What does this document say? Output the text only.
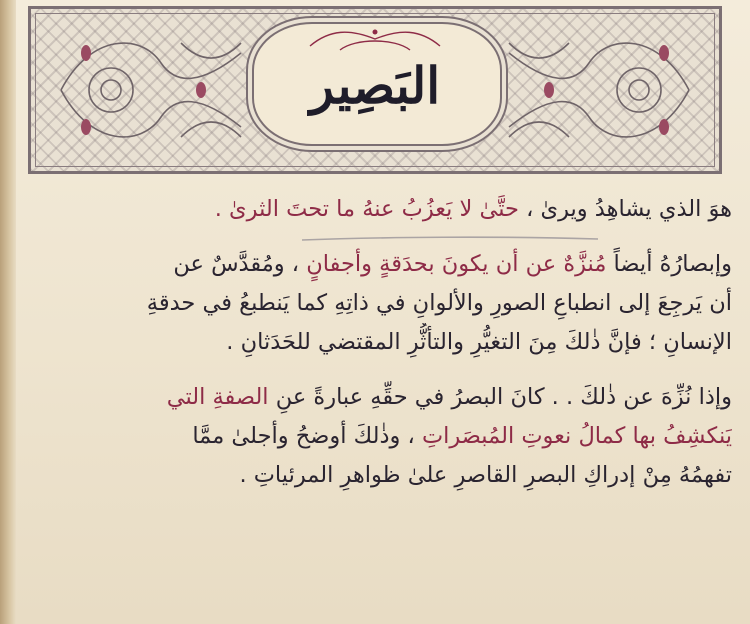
البَصِير
هوَ الذي يشاهِدُ ويرىٰ ، حتَّىٰ لا يَعزُبُ عنهُ ما تحتَ الثرىٰ .
وإبصارُهُ أيضاً مُنزَّهٌ عن أن يكونَ بحدَقةٍ وأجفانٍ ، ومُقدَّسٌ عن
أن يَرجِعَ إلى انطباعِ الصورِ والألوانِ في ذاتِهِ كما يَنطبعُ في حدقةِ
الإنسانِ ؛ فإنَّ ذٰلكَ مِنَ التغيُّرِ والتأثُّرِ المقتضي للحَدَثانِ .
وإذا نُزِّهَ عن ذٰلكَ . . كانَ البصرُ في حقِّهِ عبارةً عنِ الصفةِ التي
يَنكشِفُ بها كمالُ نعوتِ المُبصَراتِ ، وذٰلكَ أوضحُ وأجلىٰ ممَّا
تفهمُهُ مِنْ إدراكِ البصرِ القاصرِ علىٰ ظواهرِ المرئياتِ .
